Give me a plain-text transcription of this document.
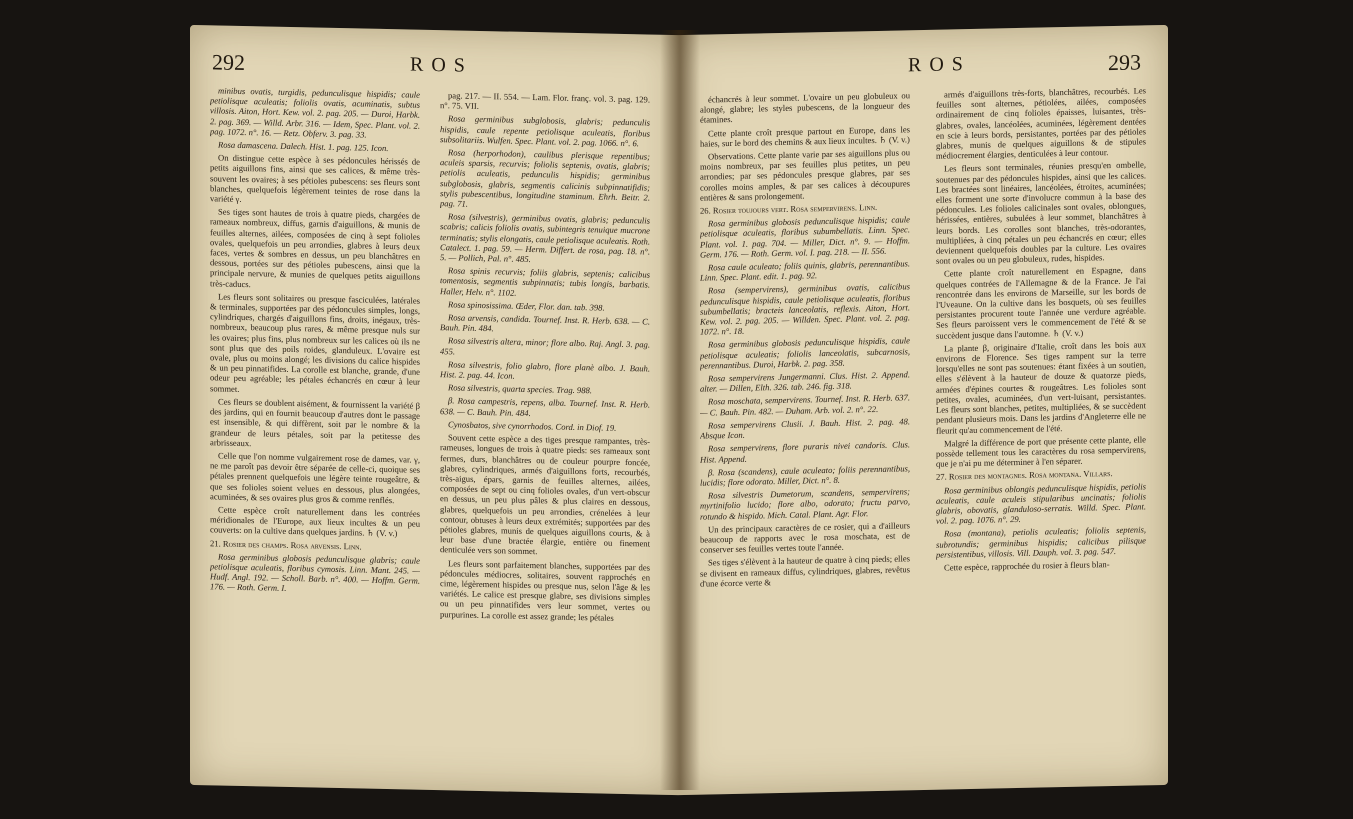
292	ROS

minibus ovatis, turgidis, pedunculisque hispidis; caule petiolisque aculeatis; foliolis ovatis, acuminatis, subtus villosis. Aiton, Hort. Kew. vol. 2. pag. 205. — Duroi, Harbk. 2. pag. 369. — Willd. Arbr. 316. — Idem, Spec. Plant. vol. 2. pag. 1072. n°. 16. — Retz. Obferv. 3. pag. 33.

Rosa damascena. Dalech. Hist. 1. pag. 125. Icon.

On distingue cette espèce à ses pédoncules hérissés de petits aiguillons fins, ainsi que ses calices, & même très-souvent les ovaires; à ses pétioles pubescens: ses fleurs sont blanches, quelquefois légèrement teintes de rose dans la variété γ.

Ses tiges sont hautes de trois à quatre pieds, chargées de rameaux nombreux, diffus, garnis d'aiguillons, & munis de feuilles alternes, ailées, composées de cinq à sept folioles ovales, quelquefois un peu arrondies, glabres à leurs deux faces, vertes & sombres en dessus, un peu blanchâtres en dessous, portées sur des pétioles pubescens, ainsi que la principale nervure, & munies de quelques petits aiguillons très-caducs.

Les fleurs sont solitaires ou presque fasciculées, latérales & terminales, supportées par des pédoncules simples, longs, cylindriques, chargés d'aiguillons fins, droits, inégaux, très-nombreux, beaucoup plus rares, & même presque nuls sur les ovaires; plus fins, plus nombreux sur les calices où ils ne sont plus que des poils roides, glanduleux. L'ovaire est ovale, plus ou moins alongé; les divisions du calice hispides & un peu pinnatifides. La corolle est blanche, grande, d'une odeur peu agréable; les pétales échancrés en cœur à leur sommet.

Ces fleurs se doublent aisément, & fournissent la variété β des jardins, qui en fournit beaucoup d'autres dont le passage est insensible, & qui diffèrent, soit par le nombre & la grandeur de leurs pétales, soit par la petitesse des arbrisseaux.

Celle que l'on nomme vulgairement rose de dames, var. γ, ne me paroît pas devoir être séparée de celle-ci, quoique ses pétales prennent quelquefois une légère teinte rougeâtre, & que ses folioles soient velues en dessous, plus alongées, acuminées, & ses ovaires plus gros & comme renflés.

Cette espèce croît naturellement dans les contrées méridionales de l'Europe, aux lieux incultes & un peu couverts: on la cultive dans quelques jardins. ♄ (V. v.)

21. Rosier des champs. Rosa arvensis. Linn.

Rosa germinibus globosis pedunculisque glabris; caule petiolisque aculeatis, floribus cymosis. Linn. Mant. 245. — Hudf. Angl. 192. — Scholl. Barb. n°. 400. — Hoffm. Germ. 176. — Roth. Germ. I.

pag. 217. — II. 554. — Lam. Flor. franç. vol. 3. pag. 129. n°. 75. VII.

Rosa germinibus subglobosis, glabris; pedunculis hispidis, caule repente petiolisque aculeatis, floribus subsolitariis. Wulfen. Spec. Plant. vol. 2. pag. 1066. n°. 6.

Rosa (herporhodon), caulibus plerisque repentibus; aculeis sparsis, recurvis; foliolis septenis, ovatis, glabris; petiolis aculeatis, pedunculis hispidis; germinibus subglobosis, glabris, segmentis calicinis subpinnatifidis; stylis pubescentibus, longitudine staminum. Ehrh. Beitr. 2. pag. 71.

Rosa (silvestris), germinibus ovatis, glabris; pedunculis scabris; calicis foliolis ovatis, subintegris tenuique mucrone terminatis; stylis elongatis, caule petiolisque aculeatis. Roth. Catalect. 1. pag. 59. — Herm. Differt. de rosa, pag. 18. n°. 5. — Pollich, Pal. n°. 485.

Rosa spinis recurvis; foliis glabris, septenis; calicibus tomentosis, segmentis subpinnatis; tubis longis, barbatis. Haller, Helv. n°. 1102.

Rosa spinosissima. Œder, Flor. dan. tab. 398.

Rosa arvensis, candida. Tournef. Inst. R. Herb. 638. — C. Bauh. Pin. 484.

Rosa silvestris altera, minor; flore albo. Raj. Angl. 3. pag. 455.

Rosa silvestris, folio glabro, flore planè albo. J. Bauh. Hist. 2. pag. 44. Icon.

Rosa silvestris, quarta species. Trag. 988.

β. Rosa campestris, repens, alba. Tournef. Inst. R. Herb. 638. — C. Bauh. Pin. 484.

Cynosbatos, sive cynorrhodos. Cord. in Diof. 19.

Souvent cette espèce a des tiges presque rampantes, très-rameuses, longues de trois à quatre pieds: ses rameaux sont fermes, durs, blanchâtres ou de couleur pourpre foncée, glabres, cylindriques, armés d'aiguillons forts, recourbés, très-aigus, épars, garnis de feuilles alternes, ailées, composées de sept ou cinq folioles ovales, d'un vert-obscur en dessus, un peu plus pâles & plus claires en dessous, glabres, quelquefois un peu arrondies, crénelées à leur contour, obtuses à leurs deux extrémités; supportées par des pétioles glabres, munis de quelques aiguillons courts, & à leur base d'une bractée élargie, entière ou finement denticulée vers son sommet.

Les fleurs sont parfaitement blanches, supportées par des pédoncules médiocres, solitaires, souvent rapprochés en cime, légèrement hispides ou presque nus, selon l'âge & les variétés. Le calice est presque glabre, ses divisions simples ou un peu pinnatifides vers leur sommet, vertes ou purpurines. La corolle est assez grande; les pétales

ROS	293

échancrés à leur sommet. L'ovaire un peu globuleux ou alongé, glabre; les styles pubescens, de la longueur des étamines.

Cette plante croît presque partout en Europe, dans les haies, sur le bord des chemins & aux lieux incultes. ♄ (V. v.)

Observations. Cette plante varie par ses aiguillons plus ou moins nombreux, par ses feuilles plus petites, un peu arrondies; par ses pédoncules presque glabres, par ses corolles moins amples, & par ses calices à découpures entières & sans prolongement.

26. Rosier toujours vert. Rosa sempervirens. Linn.

Rosa germinibus globosis pedunculisque hispidis; caule petiolisque aculeatis, floribus subumbellatis. Linn. Spec. Plant. vol. 1. pag. 704. — Miller, Dict. n°. 9. — Hoffm. Germ. 176. — Roth. Germ. vol. I. pag. 218. — II. 556.

Rosa caule aculeato; foliis quinis, glabris, perennantibus. Linn. Spec. Plant. edit. 1. pag. 92.

Rosa (sempervirens), germinibus ovatis, calicibus pedunculisque hispidis, caule petiolisque aculeatis, floribus subumbellatis; bracteis lanceolatis, reflexis. Aiton, Hort. Kew. vol. 2. pag. 205. — Willden. Spec. Plant. vol. 2. pag. 1072. n°. 18.

Rosa germinibus globosis pedunculisque hispidis, caule petiolisque aculeatis; foliolis lanceolatis, subcarnosis, perennantibus. Duroi, Harbk. 2. pag. 358.

Rosa sempervirens Jungermanni. Clus. Hist. 2. Append. alter. — Dillen, Elth. 326. tab. 246. fig. 318.

Rosa moschata, sempervirens. Tournef. Inst. R. Herb. 637. — C. Bauh. Pin. 482. — Duham. Arb. vol. 2. n°. 22.

Rosa sempervirens Clusii. J. Bauh. Hist. 2. pag. 48. Absque Icon.

Rosa sempervirens, flore puraris nivei candoris. Clus. Hist. Append.

β. Rosa (scandens), caule aculeato; foliis perennantibus, lucidis; flore odorato. Miller, Dict. n°. 8.

Rosa silvestris Dumetorum, scandens, sempervirens; myrtinifolio lucido; flore albo, odorato; fructu parvo, rotundo & hispido. Mich. Catal. Plant. Agr. Flor.

Un des principaux caractères de ce rosier, qui a d'ailleurs beaucoup de rapports avec le rosa moschata, est de conserver ses feuilles vertes toute l'année.

Ses tiges s'élèvent à la hauteur de quatre à cinq pieds; elles se divisent en rameaux diffus, cylindriques, glabres, revêtus d'une écorce verte &

armés d'aiguillons très-forts, blanchâtres, recourbés. Les feuilles sont alternes, pétiolées, ailées, composées ordinairement de cinq folioles épaisses, luisantes, très-glabres, ovales, lancéolées, acuminées, légèrement dentées en scie à leurs bords, persistantes, portées par des pétioles glabres, munis de quelques aiguillons & de stipules médiocrement élargies, denticulées à leur contour.

Les fleurs sont terminales, réunies presqu'en ombelle, soutenues par des pédoncules hispides, ainsi que les calices. Les bractées sont linéaires, lancéolées, étroites, acuminées; elles forment une sorte d'involucre commun à la base des pédoncules. Les folioles calicinales sont ovales, oblongues, hérissées, entières, subulées à leur sommet, blanchâtres à leurs bords. Les corolles sont blanches, très-odorantes, multipliées, à cinq pétales un peu échancrés en cœur; elles deviennent quelquefois doubles par la culture. Les ovaires sont ovales ou un peu globuleux, rudes, hispides.

Cette plante croît naturellement en Espagne, dans quelques contrées de l'Allemagne & de la France. Je l'ai rencontrée dans les environs de Marseille, sur les bords de l'Uveaune. On la cultive dans les bosquets, où ses feuilles persistantes procurent toute l'année une verdure agréable. Ses fleurs paroissent vers le commencement de l'été & se succèdent jusque dans l'automne. ♄ (V. v.)

La plante β, originaire d'Italie, croît dans les bois aux environs de Florence. Ses tiges rampent sur la terre lorsqu'elles ne sont pas soutenues: étant fixées à un soutien, elles s'élèvent à la hauteur de douze & quatorze pieds, armées d'épines courtes & rougeâtres. Les folioles sont petites, ovales, acuminées, d'un vert-luisant, persistantes. Les fleurs sont blanches, petites, multipliées, & se succèdent pendant plusieurs mois. Dans les jardins d'Angleterre elle ne fleurit qu'au commencement de l'été.

Malgré la différence de port que présente cette plante, elle possède tellement tous les caractères du rosa sempervirens, que je n'ai pu me déterminer à l'en séparer.

27. Rosier des montagnes. Rosa montana. Villars.

Rosa germinibus oblongis pedunculisque hispidis, petiolis aculeatis, caule aculeis stipularibus uncinatis; foliolis glabris, obovatis, glanduloso-serratis. Willd. Spec. Plant. vol. 2. pag. 1076. n°. 29.

Rosa (montana), petiolis aculeatis; foliolis septenis, subrotundis; germinibus hispidis; calicibus pilisque persistentibus, villosis. Vill. Dauph. vol. 3. pag. 547.

Cette espèce, rapprochée du rosier à fleurs blan-
